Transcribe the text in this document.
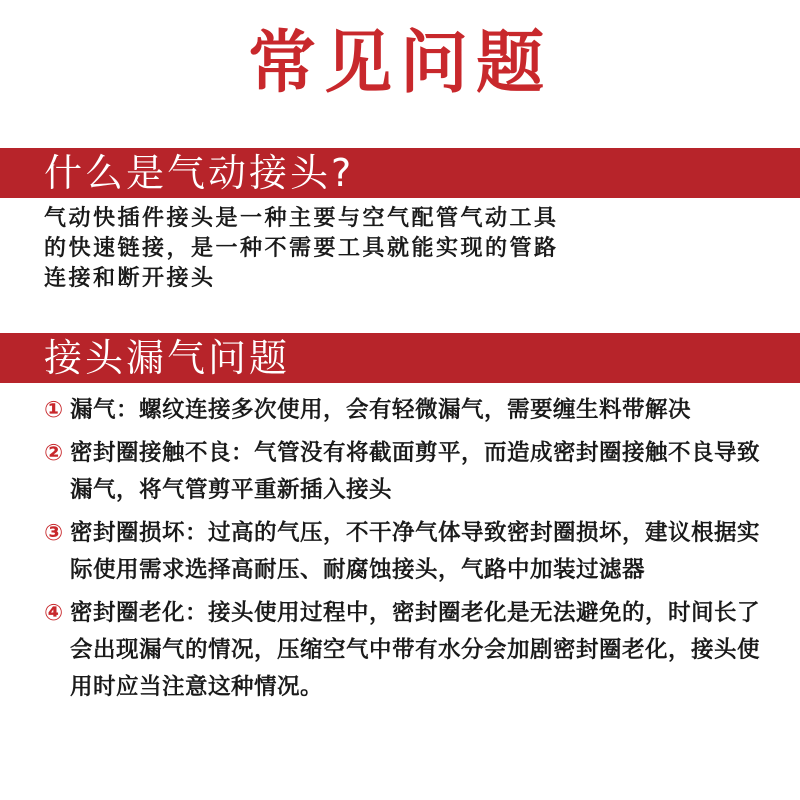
常见问题
什么是气动接头?
气动快插件接头是一种主要与空气配管气动工具
的快速链接，是一种不需要工具就能实现的管路
连接和断开接头
接头漏气问题
① 漏气：螺纹连接多次使用，会有轻微漏气，需要缠生料带解决
② 密封圈接触不良：气管没有将截面剪平，而造成密封圈接触不良导致漏气，将气管剪平重新插入接头
③ 密封圈损坏：过高的气压，不干净气体导致密封圈损坏，建议根据实际使用需求选择高耐压、耐腐蚀接头，气路中加装过滤器
④ 密封圈老化：接头使用过程中，密封圈老化是无法避免的，时间长了会出现漏气的情况，压缩空气中带有水分会加剧密封圈老化，接头使用时应当注意这种情况。
